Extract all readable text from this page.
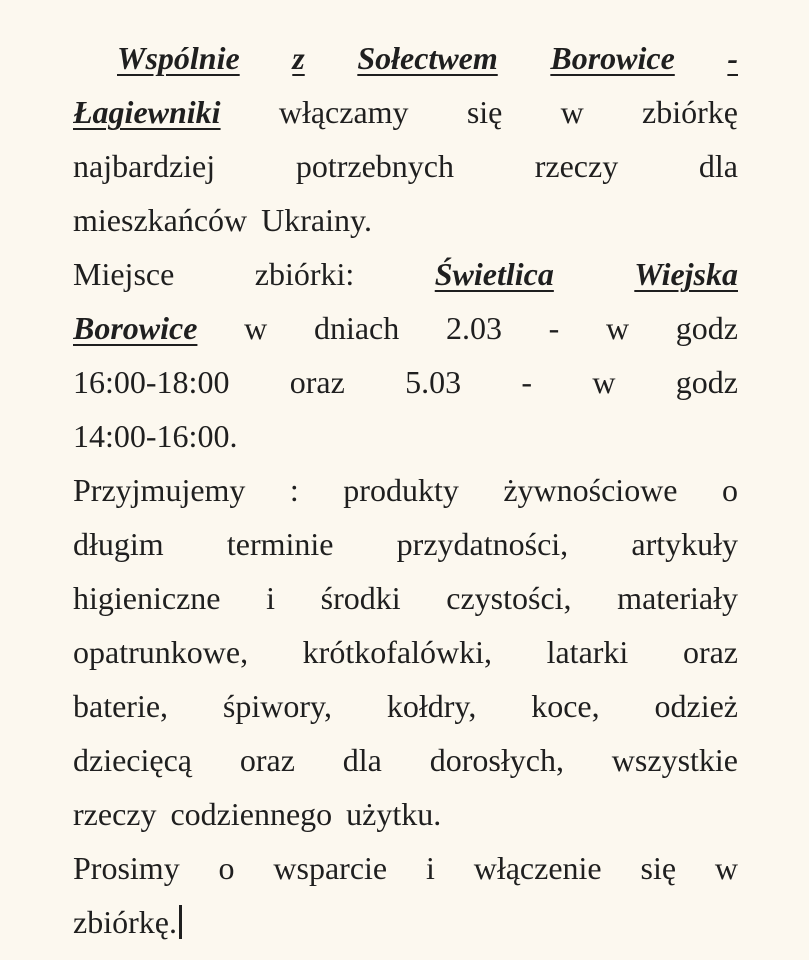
Wspólnie z Sołectwem Borowice -
Łagiewniki włączamy się w zbiórkę
najbardziej potrzebnych rzeczy dla
mieszkańców Ukrainy.
Miejsce zbiórki:	Świetlica	Wiejska
Borowice w dniach 2.03 - w godz
16:00-18:00 oraz 5.03 - w godz
14:00-16:00.
Przyjmujemy : produkty żywnościowe o
długim terminie przydatności, artykuły
higieniczne i środki czystości, materiały
opatrunkowe, krótkofalówki, latarki oraz
baterie, śpiwory, kołdry, koce, odzież
dziecięcą oraz dla dorosłych, wszystkie
rzeczy codziennego użytku.
Prosimy o wsparcie i włączenie się w
zbiórkę.
